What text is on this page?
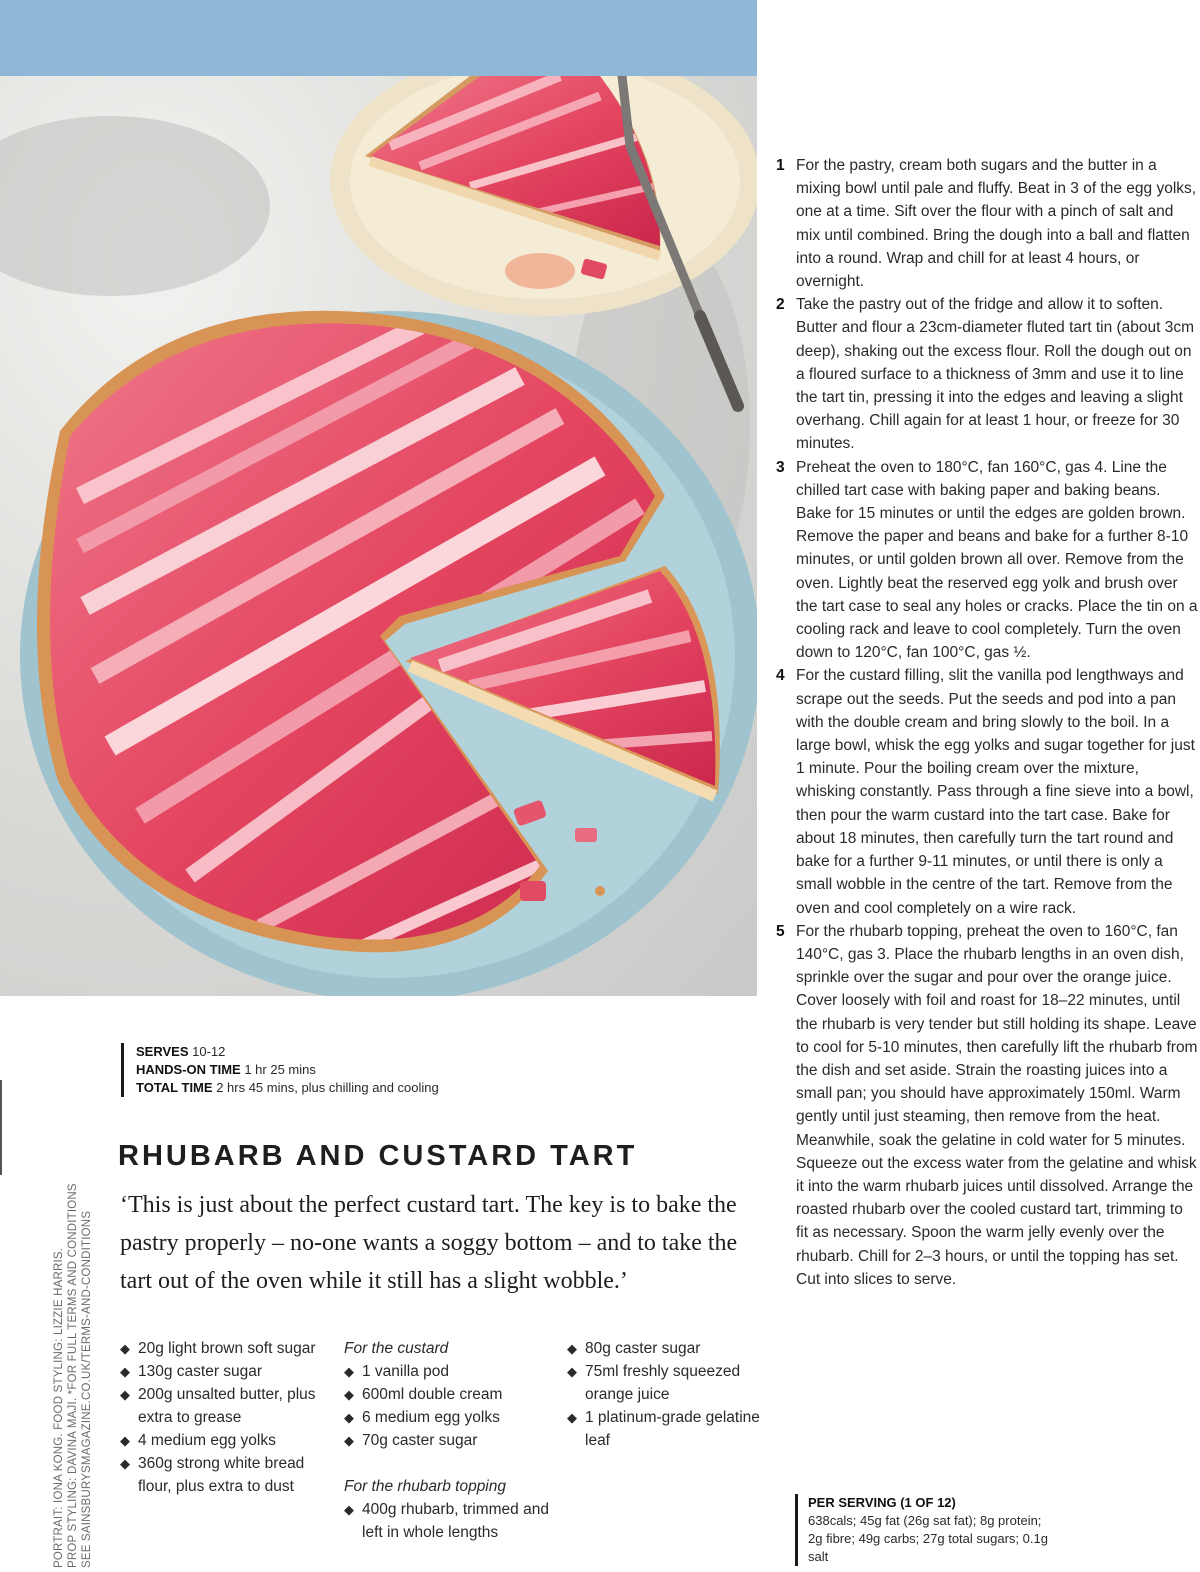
PORTRAIT: IONA KONG. FOOD STYLING: LIZZIE HARRIS. PROP STYLING: DAVINA MAJI. *FOR FULL TERMS AND CONDITIONS SEE SAINSBURYSMAGAZINE.CO.UK/TERMS-AND-CONDITIONS
SERVES 10-12
HANDS-ON TIME 1 hr 25 mins
TOTAL TIME 2 hrs 45 mins, plus chilling and cooling
RHUBARB AND CUSTARD TART

‘This is just about the perfect custard tart. The key is to bake the pastry properly – no-one wants a soggy bottom – and to take the tart out of the oven while it still has a slight wobble.’

◆ 20g light brown soft sugar
◆ 130g caster sugar
◆ 200g unsalted butter, plus extra to grease
◆ 4 medium egg yolks
◆ 360g strong white bread flour, plus extra to dust
For the custard
◆ 1 vanilla pod
◆ 600ml double cream
◆ 6 medium egg yolks
◆ 70g caster sugar
For the rhubarb topping
◆ 400g rhubarb, trimmed and left in whole lengths
◆ 80g caster sugar
◆ 75ml freshly squeezed orange juice
◆ 1 platinum-grade gelatine leaf
1 For the pastry, cream both sugars and the butter in a mixing bowl until pale and fluffy. Beat in 3 of the egg yolks, one at a time. Sift over the flour with a pinch of salt and mix until combined. Bring the dough into a ball and flatten into a round. Wrap and chill for at least 4 hours, or overnight.
2 Take the pastry out of the fridge and allow it to soften. Butter and flour a 23cm-diameter fluted tart tin (about 3cm deep), shaking out the excess flour. Roll the dough out on a floured surface to a thickness of 3mm and use it to line the tart tin, pressing it into the edges and leaving a slight overhang. Chill again for at least 1 hour, or freeze for 30 minutes.
3 Preheat the oven to 180°C, fan 160°C, gas 4. Line the chilled tart case with baking paper and baking beans. Bake for 15 minutes or until the edges are golden brown. Remove the paper and beans and bake for a further 8-10 minutes, or until golden brown all over. Remove from the oven. Lightly beat the reserved egg yolk and brush over the tart case to seal any holes or cracks. Place the tin on a cooling rack and leave to cool completely. Turn the oven down to 120°C, fan 100°C, gas ½.
4 For the custard filling, slit the vanilla pod lengthways and scrape out the seeds. Put the seeds and pod into a pan with the double cream and bring slowly to the boil. In a large bowl, whisk the egg yolks and sugar together for just 1 minute. Pour the boiling cream over the mixture, whisking constantly. Pass through a fine sieve into a bowl, then pour the warm custard into the tart case. Bake for about 18 minutes, then carefully turn the tart round and bake for a further 9-11 minutes, or until there is only a small wobble in the centre of the tart. Remove from the oven and cool completely on a wire rack.
5 For the rhubarb topping, preheat the oven to 160°C, fan 140°C, gas 3. Place the rhubarb lengths in an oven dish, sprinkle over the sugar and pour over the orange juice. Cover loosely with foil and roast for 18–22 minutes, until the rhubarb is very tender but still holding its shape. Leave to cool for 5-10 minutes, then carefully lift the rhubarb from the dish and set aside. Strain the roasting juices into a small pan; you should have approximately 150ml. Warm gently until just steaming, then remove from the heat. Meanwhile, soak the gelatine in cold water for 5 minutes. Squeeze out the excess water from the gelatine and whisk it into the warm rhubarb juices until dissolved. Arrange the roasted rhubarb over the cooled custard tart, trimming to fit as necessary. Spoon the warm jelly evenly over the rhubarb. Chill for 2–3 hours, or until the topping has set. Cut into slices to serve.
PER SERVING (1 OF 12)
638cals; 45g fat (26g sat fat); 8g protein; 2g fibre; 49g carbs; 27g total sugars; 0.1g salt
